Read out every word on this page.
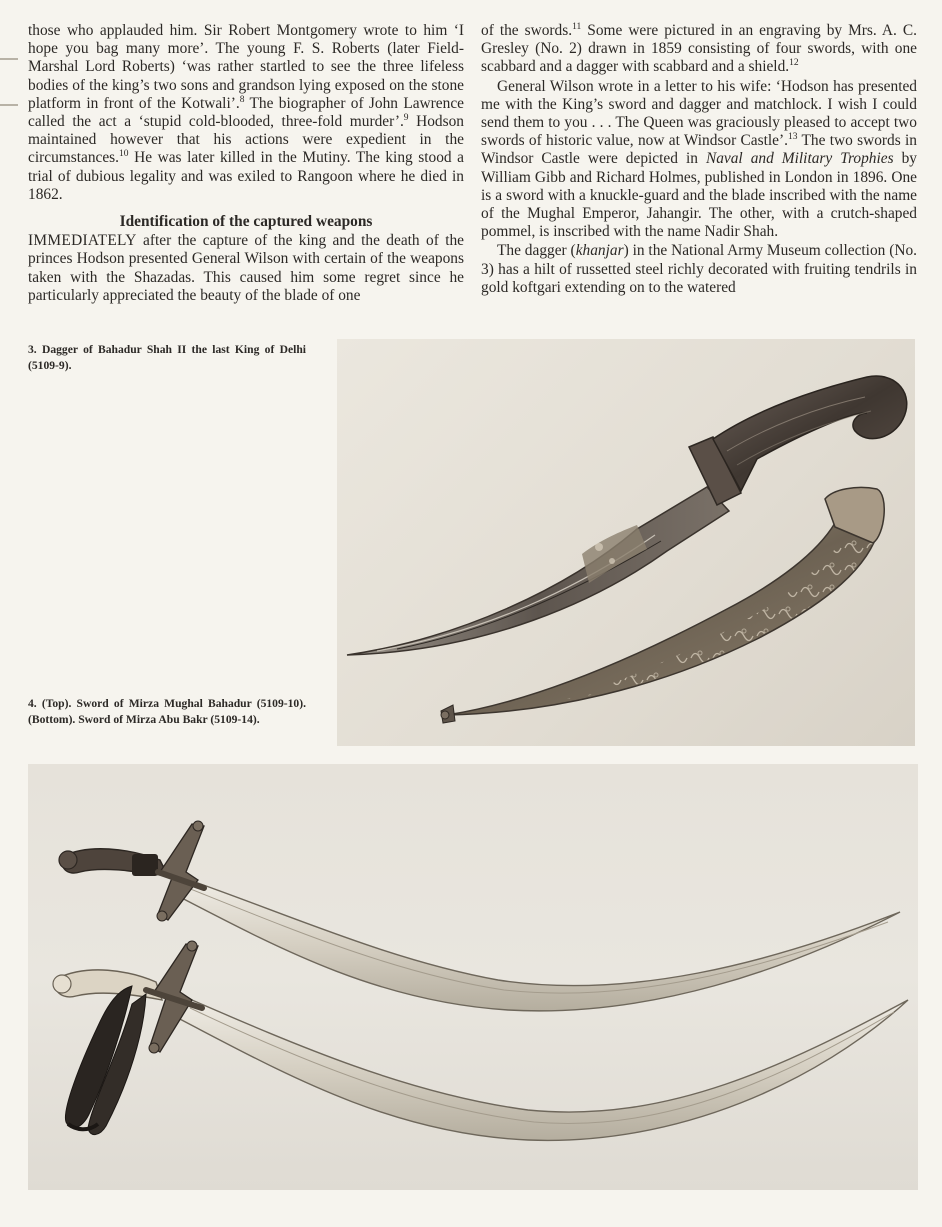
those who applauded him. Sir Robert Montgomery wrote to him ‘I hope you bag many more’. The young F. S. Roberts (later Field-Marshal Lord Roberts) ‘was rather startled to see the three lifeless bodies of the king’s two sons and grandson lying exposed on the stone platform in front of the Kotwali’.$^8$ The biographer of John Lawrence called the act a ‘stupid cold-blooded, three-fold murder’.$^9$ Hodson maintained however that his actions were expedient in the circumstances.$^{10}$ He was later killed in the Mutiny. The king stood a trial of dubious legality and was exiled to Rangoon where he died in 1862.

Identification of the captured weapons

IMMEDIATELY after the capture of the king and the death of the princes Hodson presented General Wilson with certain of the weapons taken with the Shazadas. This caused him some regret since he particularly appreciated the beauty of the blade of one

of the swords.$^{11}$ Some were pictured in an engraving by Mrs. A. C. Gresley (No. 2) drawn in 1859 consisting of four swords, with one scabbard and a dagger with scabbard and a shield.$^{12}$

General Wilson wrote in a letter to his wife: ‘Hodson has presented me with the King’s sword and dagger and matchlock. I wish I could send them to you . . . The Queen was graciously pleased to accept two swords of historic value, now at Windsor Castle’.$^{13}$ The two swords in Windsor Castle were depicted in Naval and Military Trophies by William Gibb and Richard Holmes, published in London in 1896. One is a sword with a knuckle-guard and the blade inscribed with the name of the Mughal Emperor, Jahangir. The other, with a crutch-shaped pommel, is inscribed with the name Nadir Shah.

The dagger (khanjar) in the National Army Museum collection (No. 3) has a hilt of russetted steel richly decorated with fruiting tendrils in gold koftgari extending on to the watered

3. Dagger of Bahadur Shah II the last King of Delhi (5109-9).
4. (Top). Sword of Mirza Mughal Bahadur (5109-10). (Bottom). Sword of Mirza Abu Bakr (5109-14).
